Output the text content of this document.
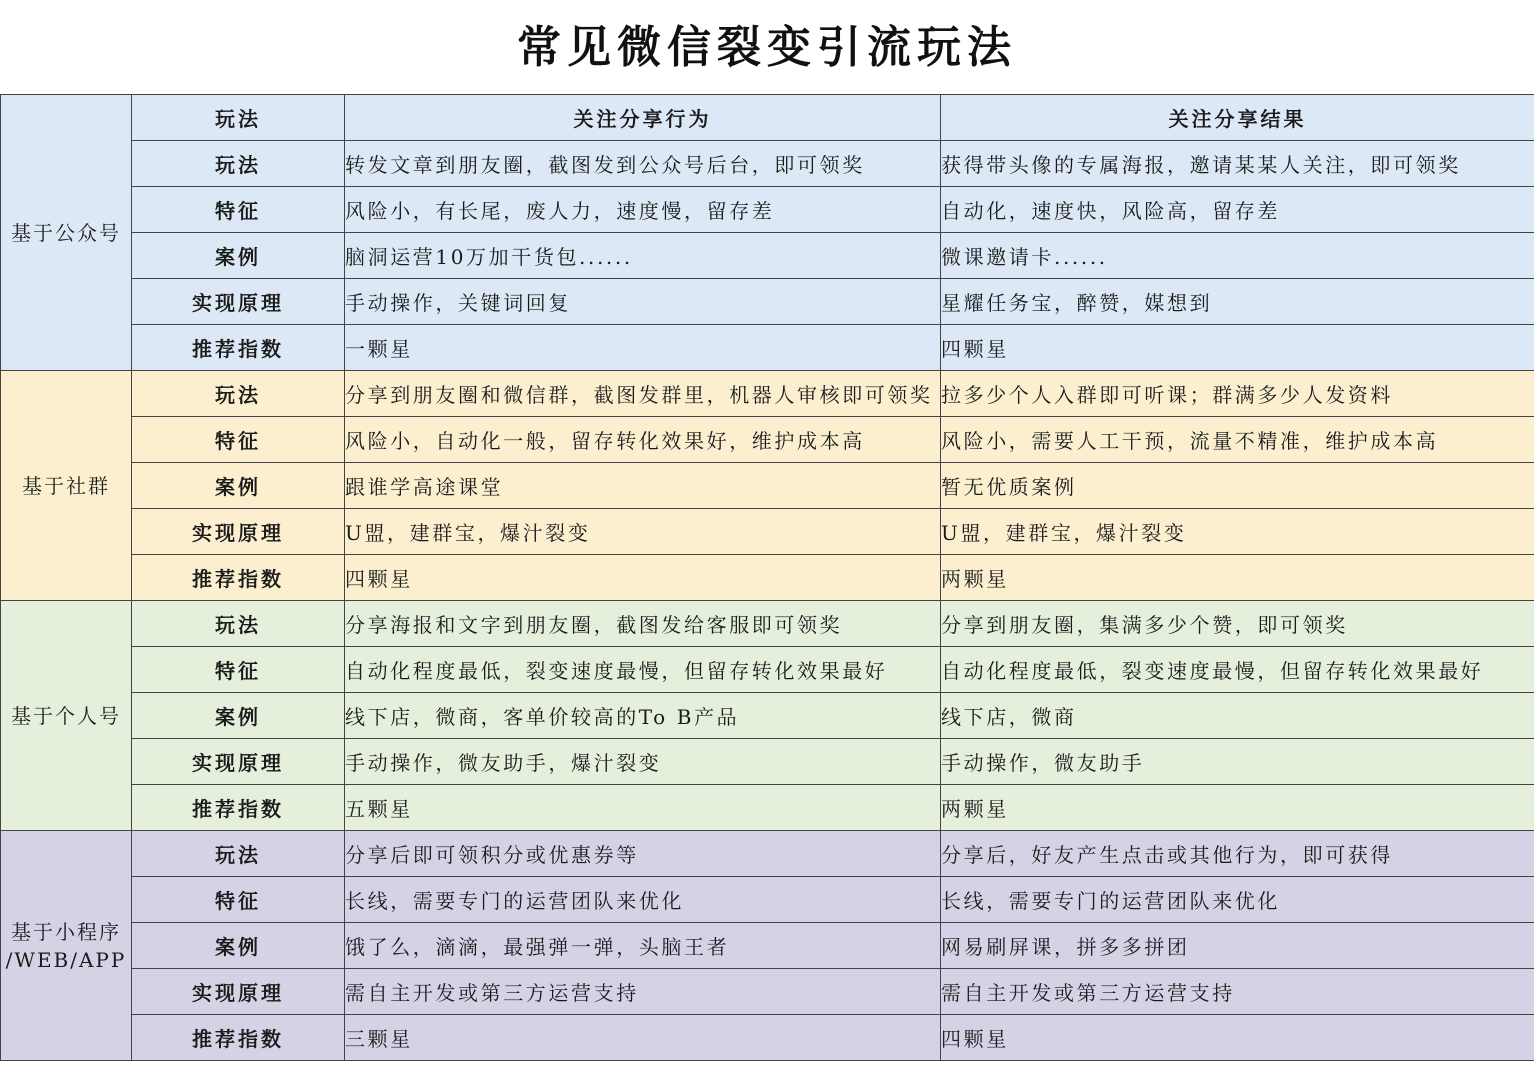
常见微信裂变引流玩法
基于公众号	玩法	关注分享行为	关注分享结果
	玩法	转发文章到朋友圈，截图发到公众号后台，即可领奖	获得带头像的专属海报，邀请某某人关注，即可领奖
	特征	风险小，有长尾，废人力，速度慢，留存差	自动化，速度快，风险高，留存差
	案例	脑洞运营10万加干货包......	微课邀请卡......
	实现原理	手动操作，关键词回复	星耀任务宝，醉赞，媒想到
	推荐指数	一颗星	四颗星

基于社群	玩法	分享到朋友圈和微信群，截图发群里，机器人审核即可领奖	拉多少个人入群即可听课；群满多少人发资料
	特征	风险小，自动化一般，留存转化效果好，维护成本高	风险小，需要人工干预，流量不精准，维护成本高
	案例	跟谁学高途课堂	暂无优质案例
	实现原理	U盟，建群宝，爆汁裂变	U盟，建群宝，爆汁裂变
	推荐指数	四颗星	两颗星

基于个人号	玩法	分享海报和文字到朋友圈，截图发给客服即可领奖	分享到朋友圈，集满多少个赞，即可领奖
	特征	自动化程度最低，裂变速度最慢，但留存转化效果最好	自动化程度最低，裂变速度最慢，但留存转化效果最好
	案例	线下店，微商，客单价较高的To B产品	线下店，微商
	实现原理	手动操作，微友助手，爆汁裂变	手动操作，微友助手
	推荐指数	五颗星	两颗星

基于小程序
/WEB/APP	玩法	分享后即可领积分或优惠券等	分享后，好友产生点击或其他行为，即可获得
	特征	长线，需要专门的运营团队来优化	长线，需要专门的运营团队来优化
	案例	饿了么，滴滴，最强弹一弹，头脑王者	网易刷屏课，拼多多拼团
	实现原理	需自主开发或第三方运营支持	需自主开发或第三方运营支持
	推荐指数	三颗星	四颗星
